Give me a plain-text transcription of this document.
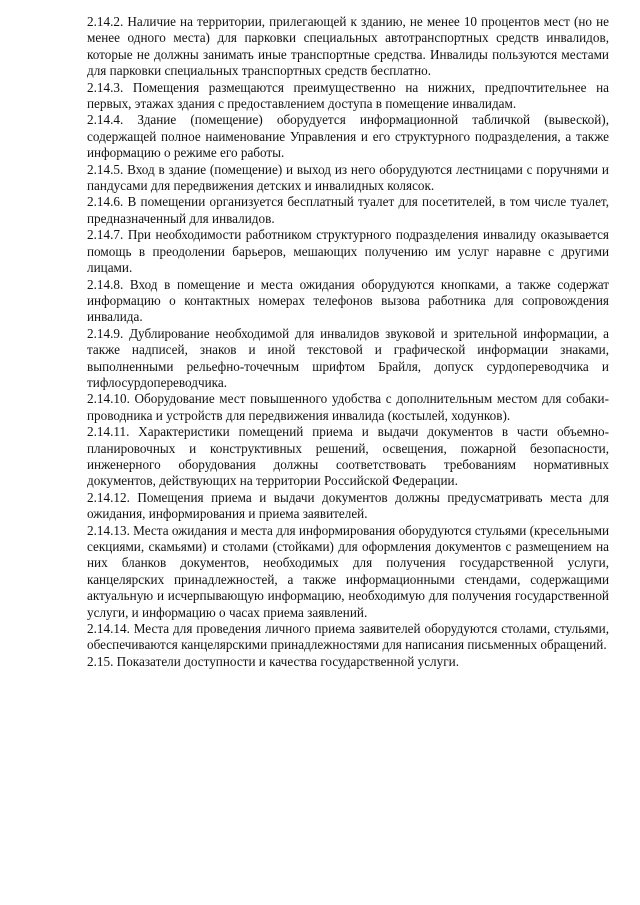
2.14.2. Наличие на территории, прилегающей к зданию, не менее 10 процентов мест (но не менее одного места) для парковки специальных автотранспортных средств инвалидов, которые не должны занимать иные транспортные средства. Инвалиды пользуются местами для парковки специальных транспортных средств бесплатно.

2.14.3. Помещения размещаются преимущественно на нижних, предпочтительнее на первых, этажах здания с предоставлением доступа в помещение инвалидам.

2.14.4. Здание (помещение) оборудуется информационной табличкой (вывеской), содержащей полное наименование Управления и его структурного подразделения, а также информацию о режиме его работы.

2.14.5. Вход в здание (помещение) и выход из него оборудуются лестницами с поручнями и пандусами для передвижения детских и инвалидных колясок.

2.14.6. В помещении организуется бесплатный туалет для посетителей, в том числе туалет, предназначенный для инвалидов.

2.14.7. При необходимости работником структурного подразделения инвалиду оказывается помощь в преодолении барьеров, мешающих получению им услуг наравне с другими лицами.

2.14.8. Вход в помещение и места ожидания оборудуются кнопками, а также содержат информацию о контактных номерах телефонов вызова работника для сопровождения инвалида.

2.14.9. Дублирование необходимой для инвалидов звуковой и зрительной информации, а также надписей, знаков и иной текстовой и графической информации знаками, выполненными рельефно-точечным шрифтом Брайля, допуск сурдопереводчика и тифлосурдопереводчика.

2.14.10. Оборудование мест повышенного удобства с дополнительным местом для собаки-проводника и устройств для передвижения инвалида (костылей, ходунков).

2.14.11. Характеристики помещений приема и выдачи документов в части объемно-планировочных и конструктивных решений, освещения, пожарной безопасности, инженерного оборудования должны соответствовать требованиям нормативных документов, действующих на территории Российской Федерации.

2.14.12. Помещения приема и выдачи документов должны предусматривать места для ожидания, информирования и приема заявителей.

2.14.13. Места ожидания и места для информирования оборудуются стульями (кресельными секциями, скамьями) и столами (стойками) для оформления документов с размещением на них бланков документов, необходимых для получения государственной услуги, канцелярских принадлежностей, а также информационными стендами, содержащими актуальную и исчерпывающую информацию, необходимую для получения государственной услуги, и информацию о часах приема заявлений.

2.14.14. Места для проведения личного приема заявителей оборудуются столами, стульями, обеспечиваются канцелярскими принадлежностями для написания письменных обращений.

2.15. Показатели доступности и качества государственной услуги.
